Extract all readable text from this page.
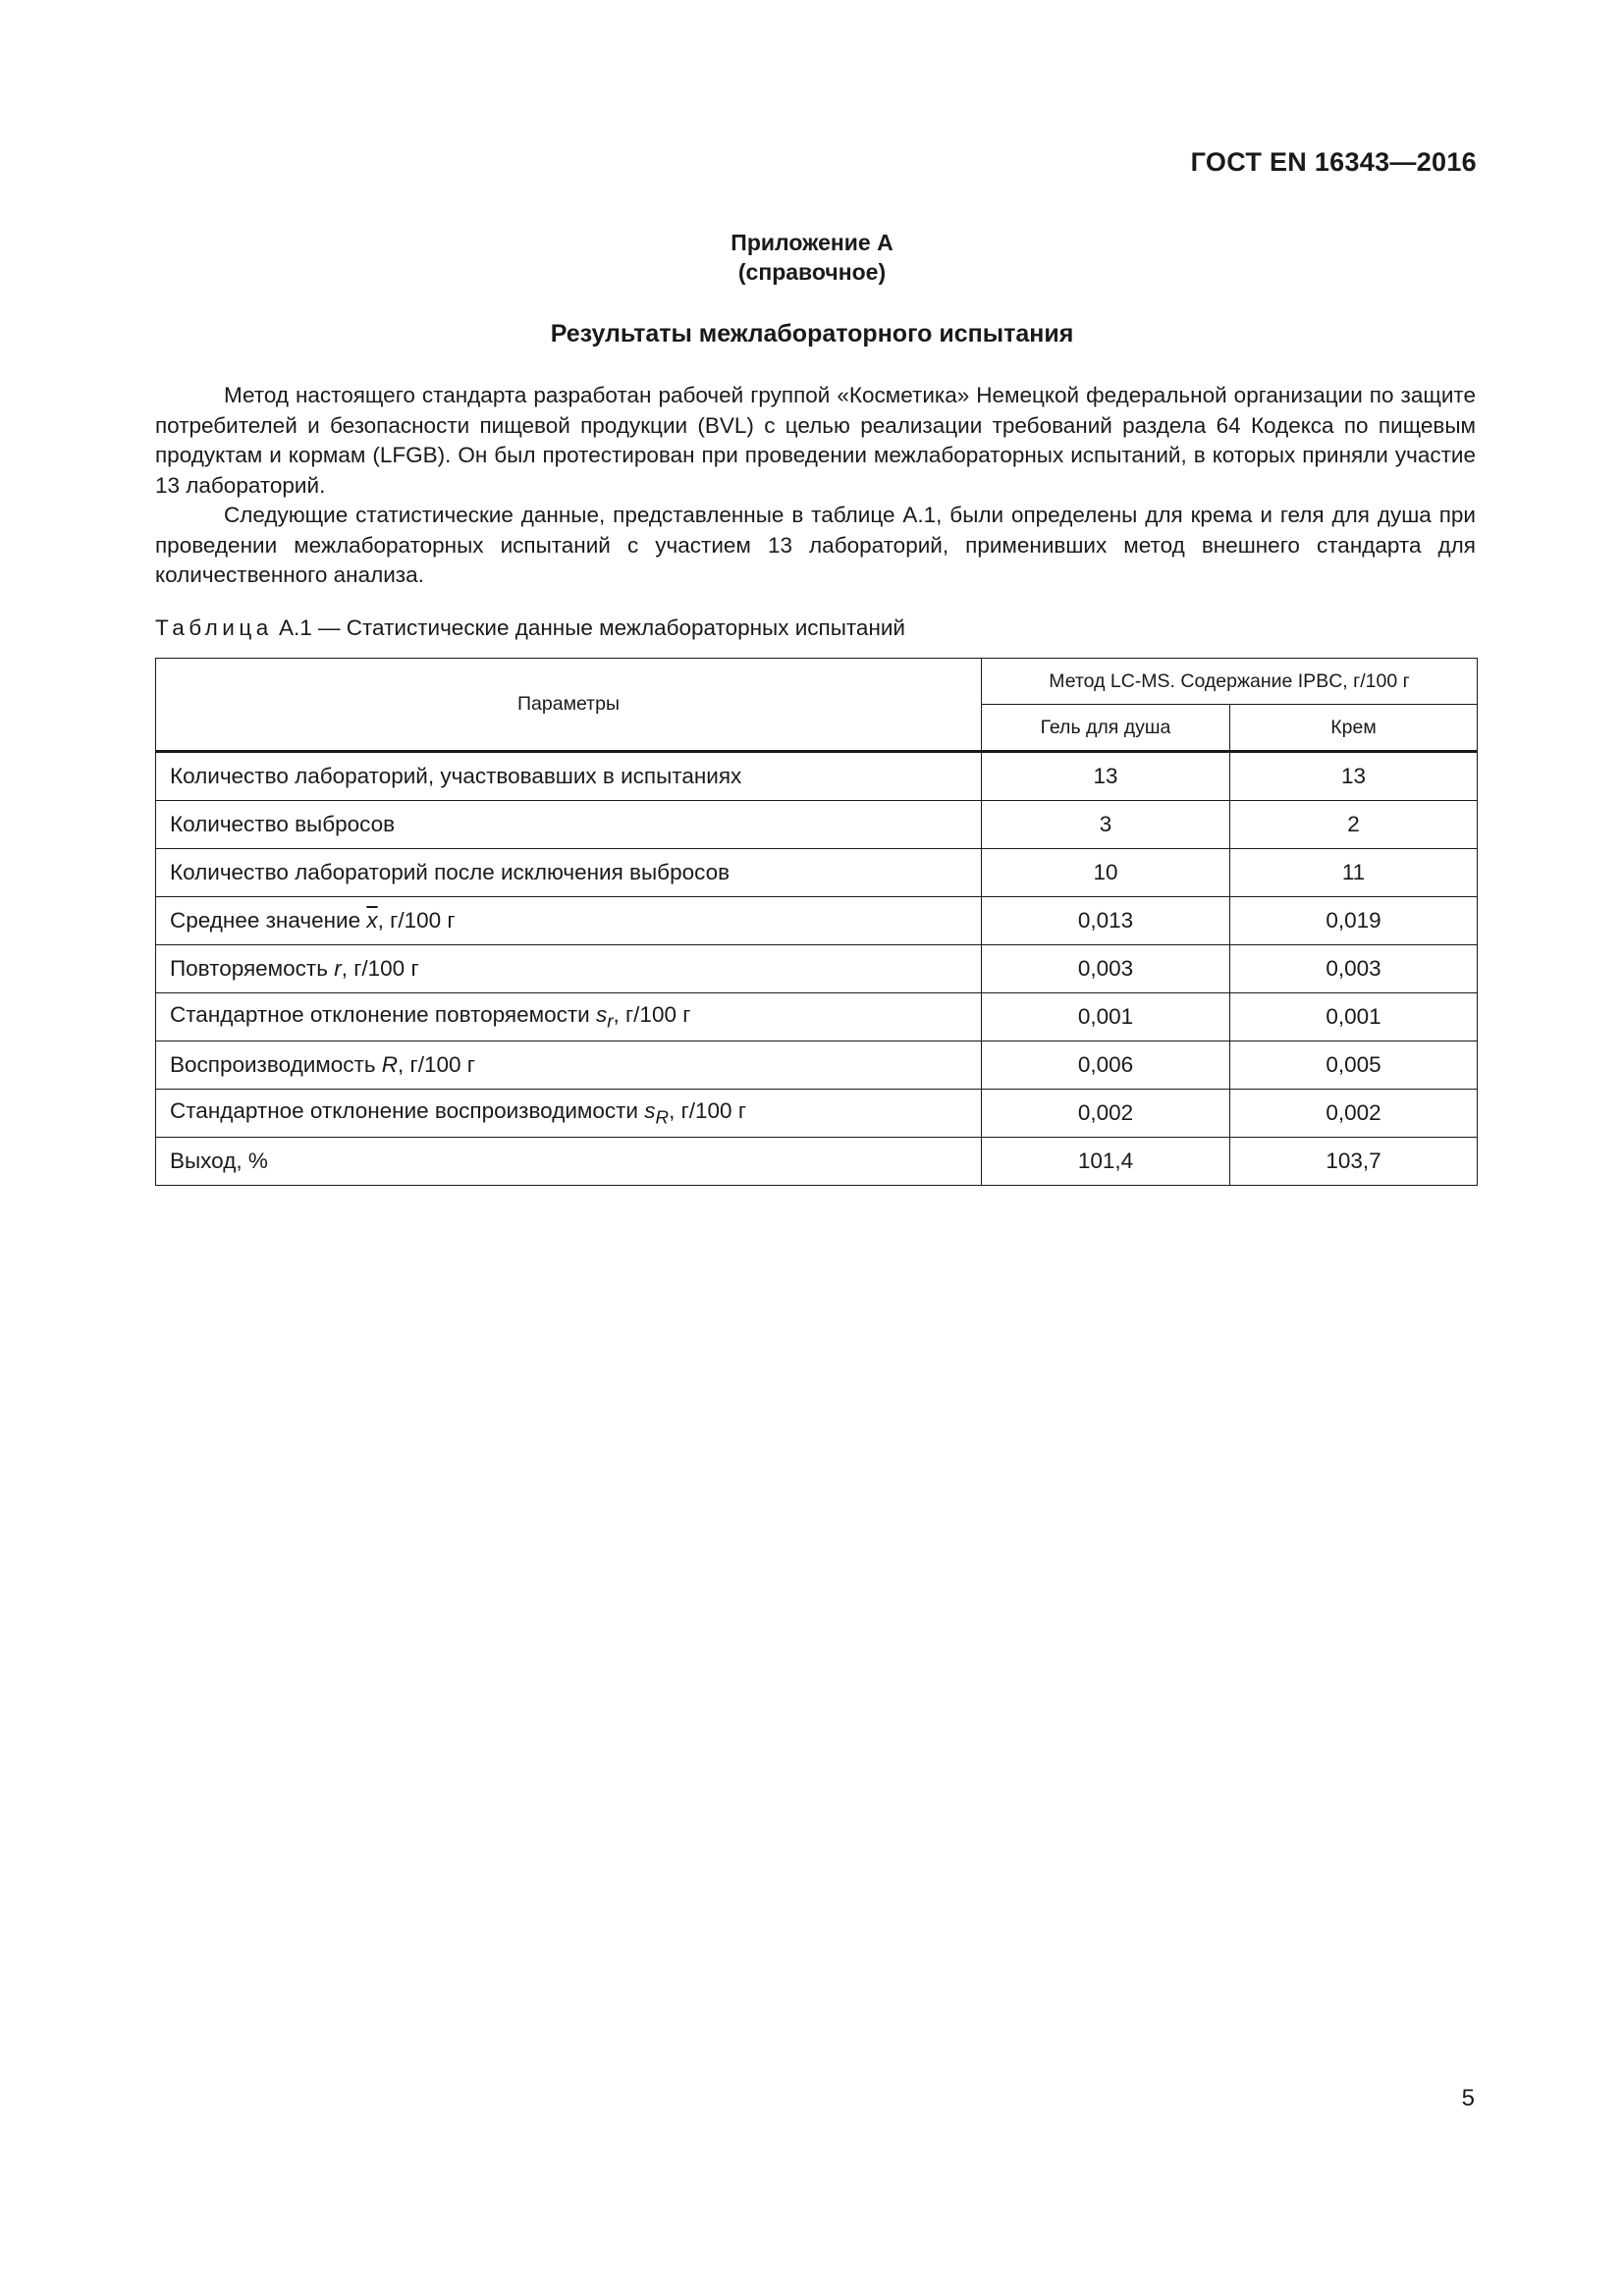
ГОСТ EN 16343—2016
Приложение А
(справочное)
Результаты межлабораторного испытания

Метод настоящего стандарта разработан рабочей группой «Косметика» Немецкой федеральной организации по защите потребителей и безопасности пищевой продукции (BVL) с целью реализации требований раздела 64 Кодекса по пищевым продуктам и кормам (LFGB). Он был протестирован при проведении межлабораторных испытаний, в которых приняли участие 13 лабораторий.

Следующие статистические данные, представленные в таблице А.1, были определены для крема и геля для душа при проведении межлабораторных испытаний с участием 13 лабораторий, применивших метод внешнего стандарта для количественного анализа.

Таблица А.1 — Статистические данные межлабораторных испытаний
Параметры	Метод LC-MS. Содержание IPBC, г/100 г	
	Гель для душа	Крем
Количество лабораторий, участвовавших в испытаниях	13	13
Количество выбросов	3	2
Количество лабораторий после исключения выбросов	10	11
Среднее значение $\overline{x}$, г/100 г	0,013	0,019
Повторяемость r, г/100 г	0,003	0,003
Стандартное отклонение повторяемости $s_r$, г/100 г	0,001	0,001
Воспроизводимость R, г/100 г	0,006	0,005
Стандартное отклонение воспроизводимости $s_R$, г/100 г	0,002	0,002
Выход, %	101,4	103,7
5
